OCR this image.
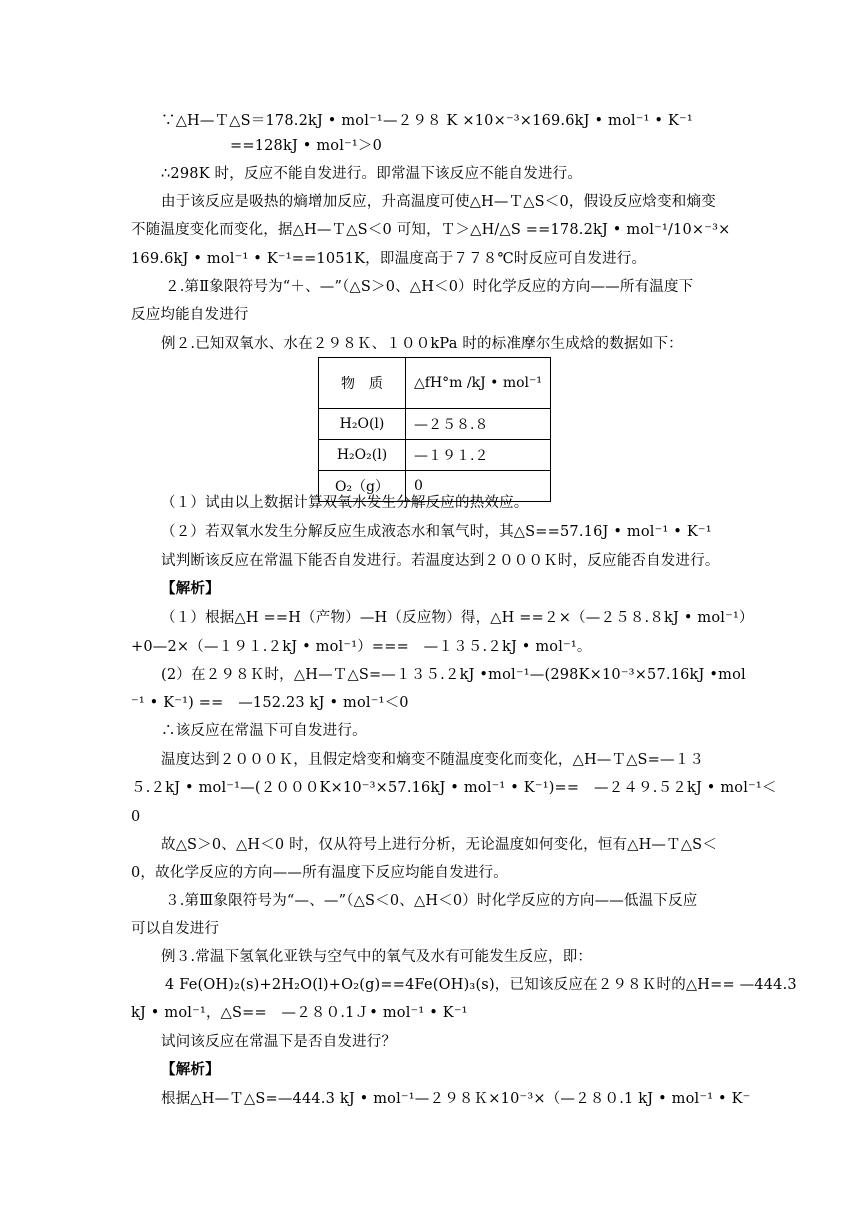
∵△H—Ｔ△S＝178.2kJ • mol⁻¹—２９８ K ×10×⁻³×169.6kJ • mol⁻¹ • K⁻¹
==128kJ • mol⁻¹＞0
∴298K 时，反应不能自发进行。即常温下该反应不能自发进行。
由于该反应是吸热的熵增加反应，升高温度可使△H—Ｔ△S＜0，假设反应焓变和熵变
不随温度变化而变化，据△H—Ｔ△S＜0 可知，Ｔ＞△H/△S ==178.2kJ • mol⁻¹/10×⁻³×
169.6kJ • mol⁻¹ • K⁻¹==1051K，即温度高于７７８℃时反应可自发进行。
２.第Ⅱ象限符号为“＋、—”（△S＞0、△H＜0）时化学反应的方向——所有温度下
反应均能自发进行
例２.已知双氧水、水在２９８Ｋ、１００kPa 时的标准摩尔生成焓的数据如下：
物　质	△fH°m /kJ • mol⁻¹
H₂O(l)	—２５８.８
H₂O₂(l)	—１９１.２
O₂（g）	0
（１）试由以上数据计算双氧水发生分解反应的热效应。
（２）若双氧水发生分解反应生成液态水和氧气时，其△S==57.16J • mol⁻¹ • K⁻¹
试判断该反应在常温下能否自发进行。若温度达到２０００Ｋ时，反应能否自发进行。
【解析】
（１）根据△H ==H（产物）—H（反应物）得，△H ==２×（—２５８.８kJ • mol⁻¹）
+0—2×（—１９１.２kJ • mol⁻¹）===　—１３５.２kJ • mol⁻¹。
(2）在２９８Ｋ时，△H—Ｔ△S=—１３５.２kJ •mol⁻¹—(298K×10⁻³×57.16kJ •mol
⁻¹ • K⁻¹) ==　—152.23 kJ • mol⁻¹＜0
∴该反应在常温下可自发进行。
温度达到２０００Ｋ，且假定焓变和熵变不随温度变化而变化，△H—Ｔ△S=—１３
５.２kJ • mol⁻¹—(２０００K×10⁻³×57.16kJ • mol⁻¹ • K⁻¹)==　—２４９.５２kJ • mol⁻¹＜
0
故△S＞0、△H＜0 时，仅从符号上进行分析，无论温度如何变化，恒有△H—Ｔ△S＜
0，故化学反应的方向——所有温度下反应均能自发进行。
３.第Ⅲ象限符号为“—、—”（△S＜0、△H＜0）时化学反应的方向——低温下反应
可以自发进行
例３.常温下氢氧化亚铁与空气中的氧气及水有可能发生反应，即：
4 Fe(OH)₂(s)+2H₂O(l)+O₂(g)==4Fe(OH)₃(s)，已知该反应在２９８Ｋ时的△H== —444.3
kJ • mol⁻¹，△S==　—２８０.1Ｊ• mol⁻¹ • K⁻¹
试问该反应在常温下是否自发进行？
【解析】
根据△H—Ｔ△S=—444.3 kJ • mol⁻¹—２９８Ｋ×10⁻³×（—２８０.1 kJ • mol⁻¹ • K⁻
